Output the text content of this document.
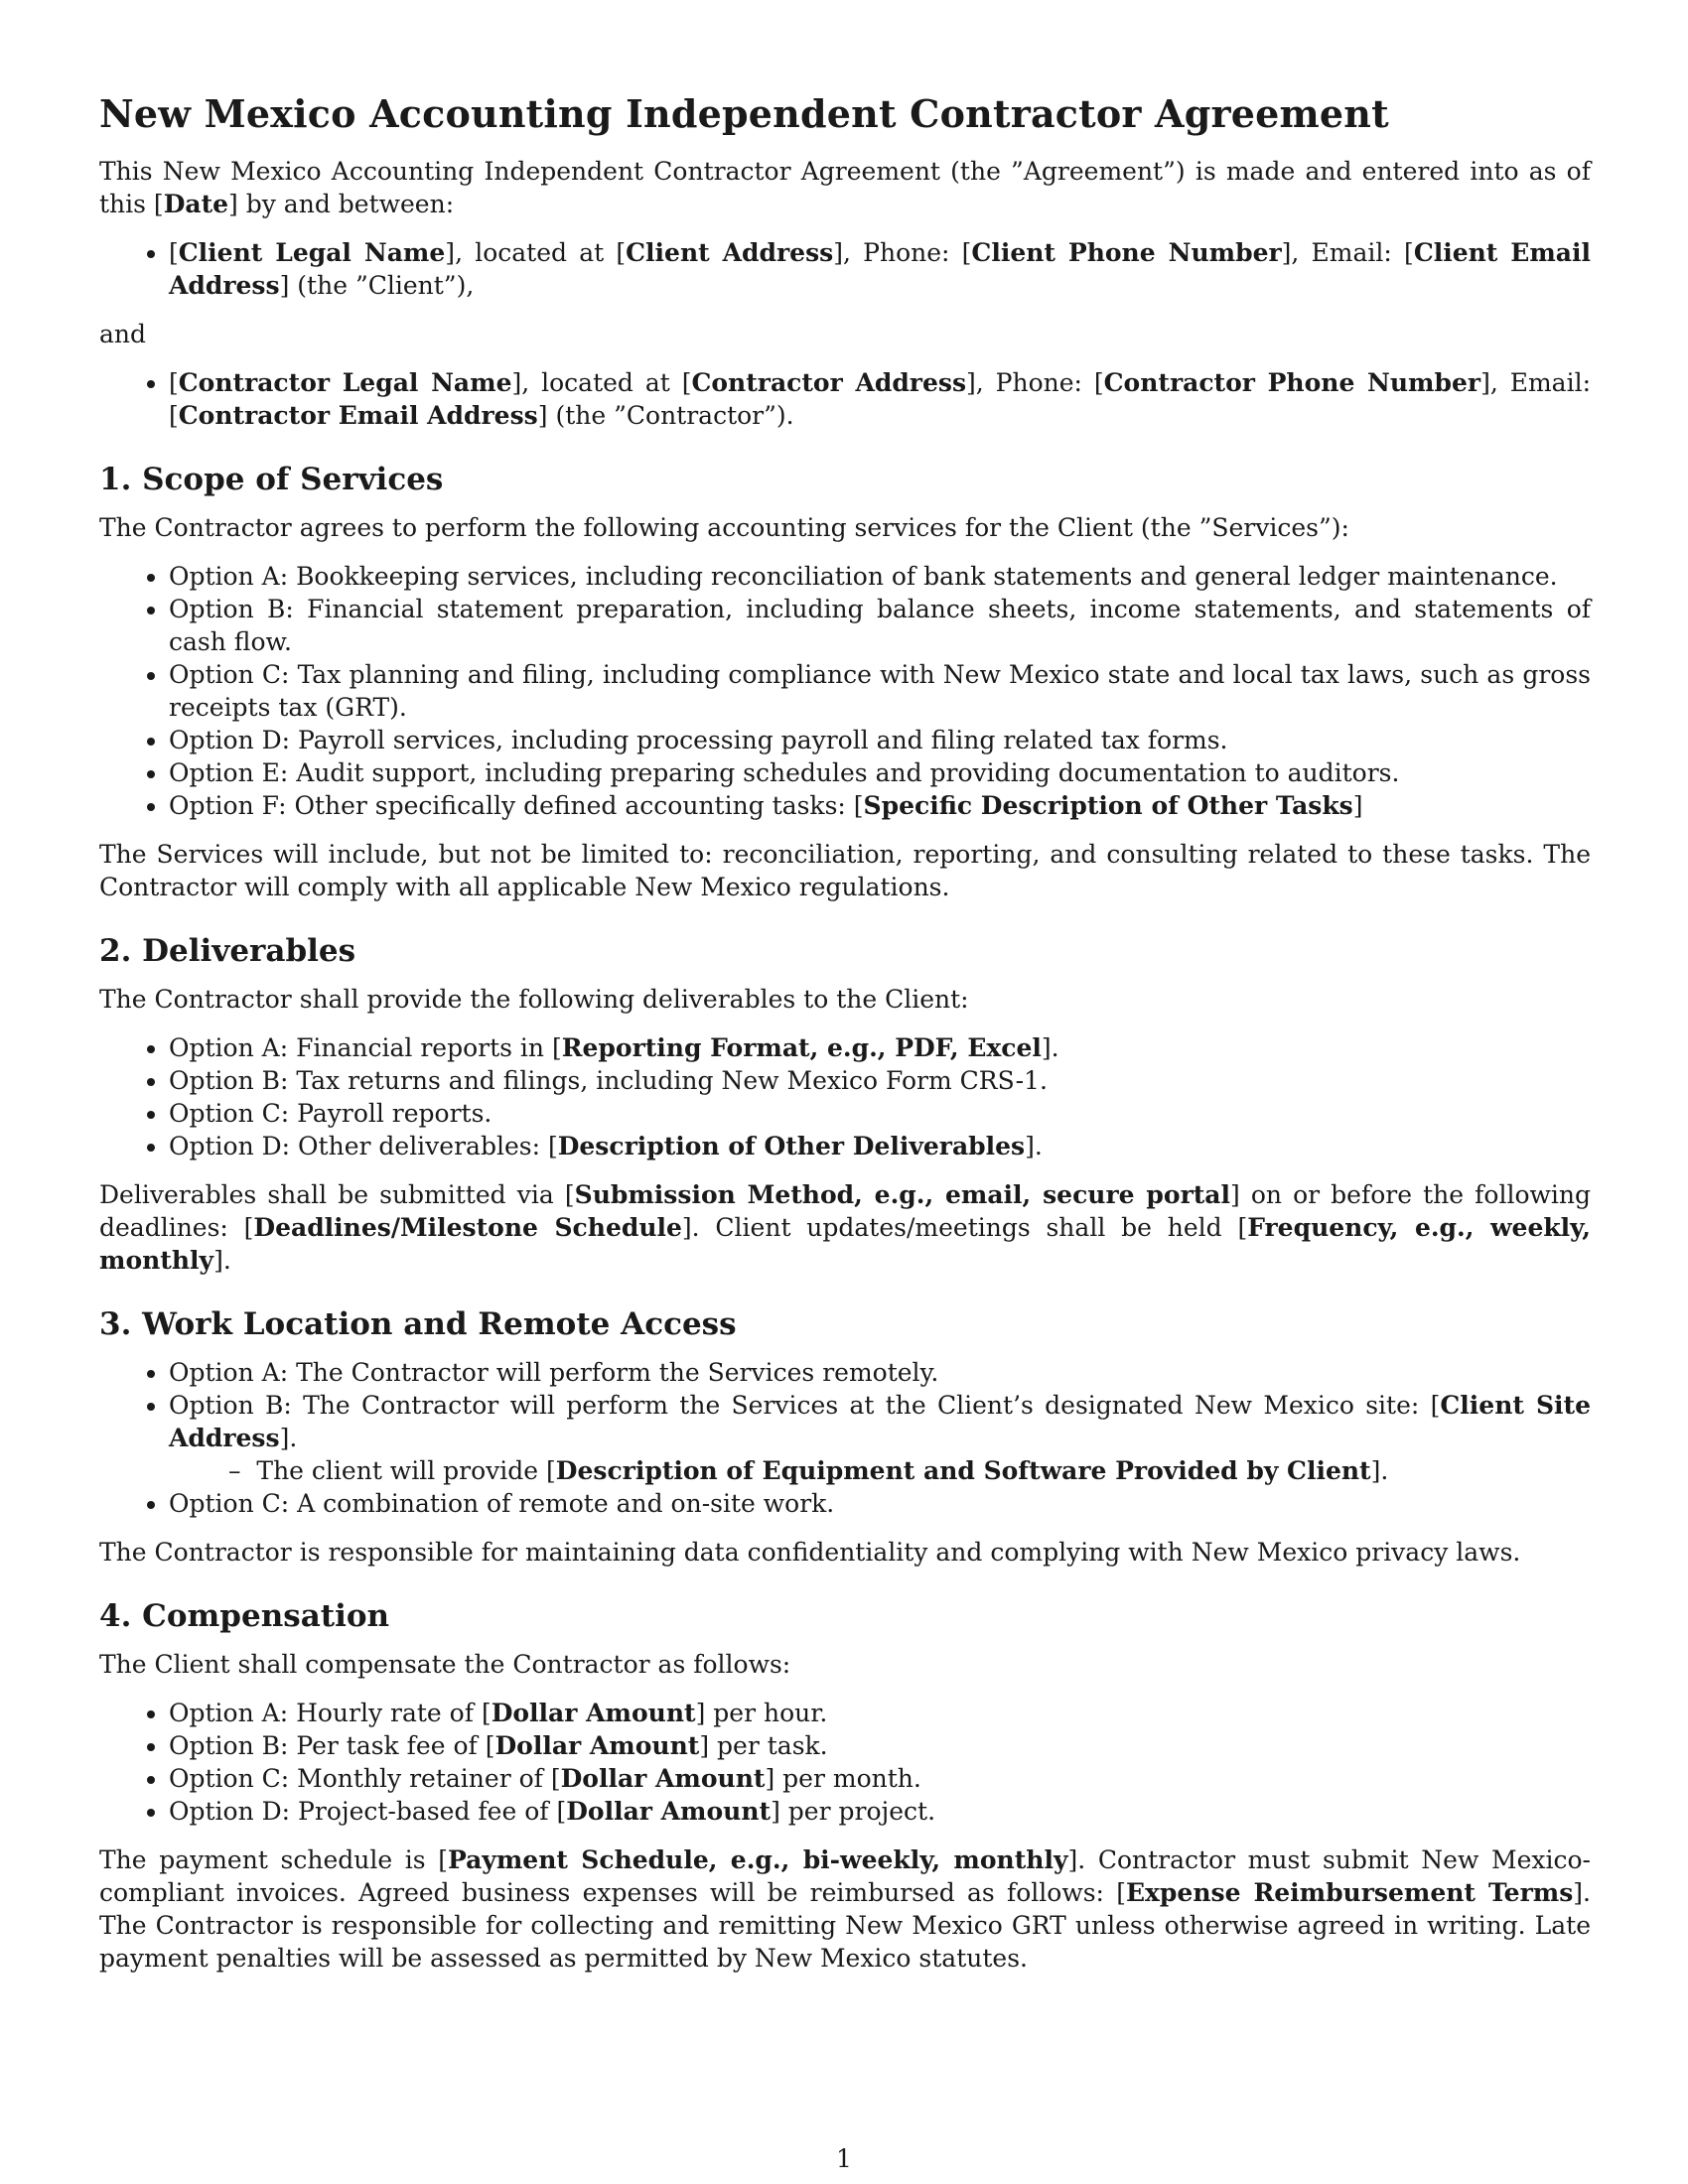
New Mexico Accounting Independent Contractor Agreement

This New Mexico Accounting Independent Contractor Agreement (the ”Agreement”) is made and entered into as of this [Date] by and between:

• [Client Legal Name], located at [Client Address], Phone: [Client Phone Number], Email: [Client Email Address] (the ”Client”),

and

• [Contractor Legal Name], located at [Contractor Address], Phone: [Contractor Phone Number], Email: [Contractor Email Address] (the ”Contractor”).
1. Scope of Services

The Contractor agrees to perform the following accounting services for the Client (the ”Services”):

• Option A: Bookkeeping services, including reconciliation of bank statements and general ledger maintenance.
• Option B: Financial statement preparation, including balance sheets, income statements, and statements of cash flow.
• Option C: Tax planning and filing, including compliance with New Mexico state and local tax laws, such as gross receipts tax (GRT).
• Option D: Payroll services, including processing payroll and filing related tax forms.
• Option E: Audit support, including preparing schedules and providing documentation to auditors.
• Option F: Other specifically defined accounting tasks: [Specific Description of Other Tasks]

The Services will include, but not be limited to: reconciliation, reporting, and consulting related to these tasks. The Contractor will comply with all applicable New Mexico regulations.

2. Deliverables

The Contractor shall provide the following deliverables to the Client:

• Option A: Financial reports in [Reporting Format, e.g., PDF, Excel].
• Option B: Tax returns and filings, including New Mexico Form CRS-1.
• Option C: Payroll reports.
• Option D: Other deliverables: [Description of Other Deliverables].

Deliverables shall be submitted via [Submission Method, e.g., email, secure portal] on or before the following deadlines: [Deadlines/Milestone Schedule]. Client updates/meetings shall be held [Frequency, e.g., weekly, monthly].

3. Work Location and Remote Access
• Option A: The Contractor will perform the Services remotely.
• Option B: The Contractor will perform the Services at the Client’s designated New Mexico site: [Client Site Address].
–  The client will provide [Description of Equipment and Software Provided by Client].
• Option C: A combination of remote and on-site work.

The Contractor is responsible for maintaining data confidentiality and complying with New Mexico privacy laws.

4. Compensation

The Client shall compensate the Contractor as follows:

• Option A: Hourly rate of [Dollar Amount] per hour.
• Option B: Per task fee of [Dollar Amount] per task.
• Option C: Monthly retainer of [Dollar Amount] per month.
• Option D: Project-based fee of [Dollar Amount] per project.

The payment schedule is [Payment Schedule, e.g., bi-weekly, monthly]. Contractor must submit New Mexico-compliant invoices. Agreed business expenses will be reimbursed as follows: [Expense Reimbursement Terms]. The Contractor is responsible for collecting and remitting New Mexico GRT unless otherwise agreed in writing. Late payment penalties will be assessed as permitted by New Mexico statutes.

1
